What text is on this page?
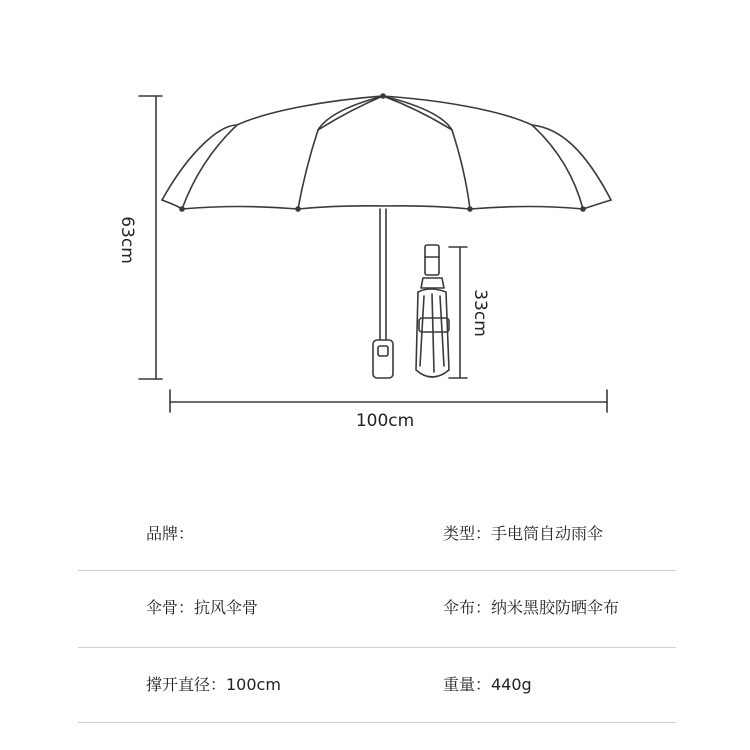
63cm
33cm
100cm
品牌：	类型：手电筒自动雨伞
伞骨：抗风伞骨	伞布：纳米黑胶防晒伞布
撑开直径：100cm	重量：440g
